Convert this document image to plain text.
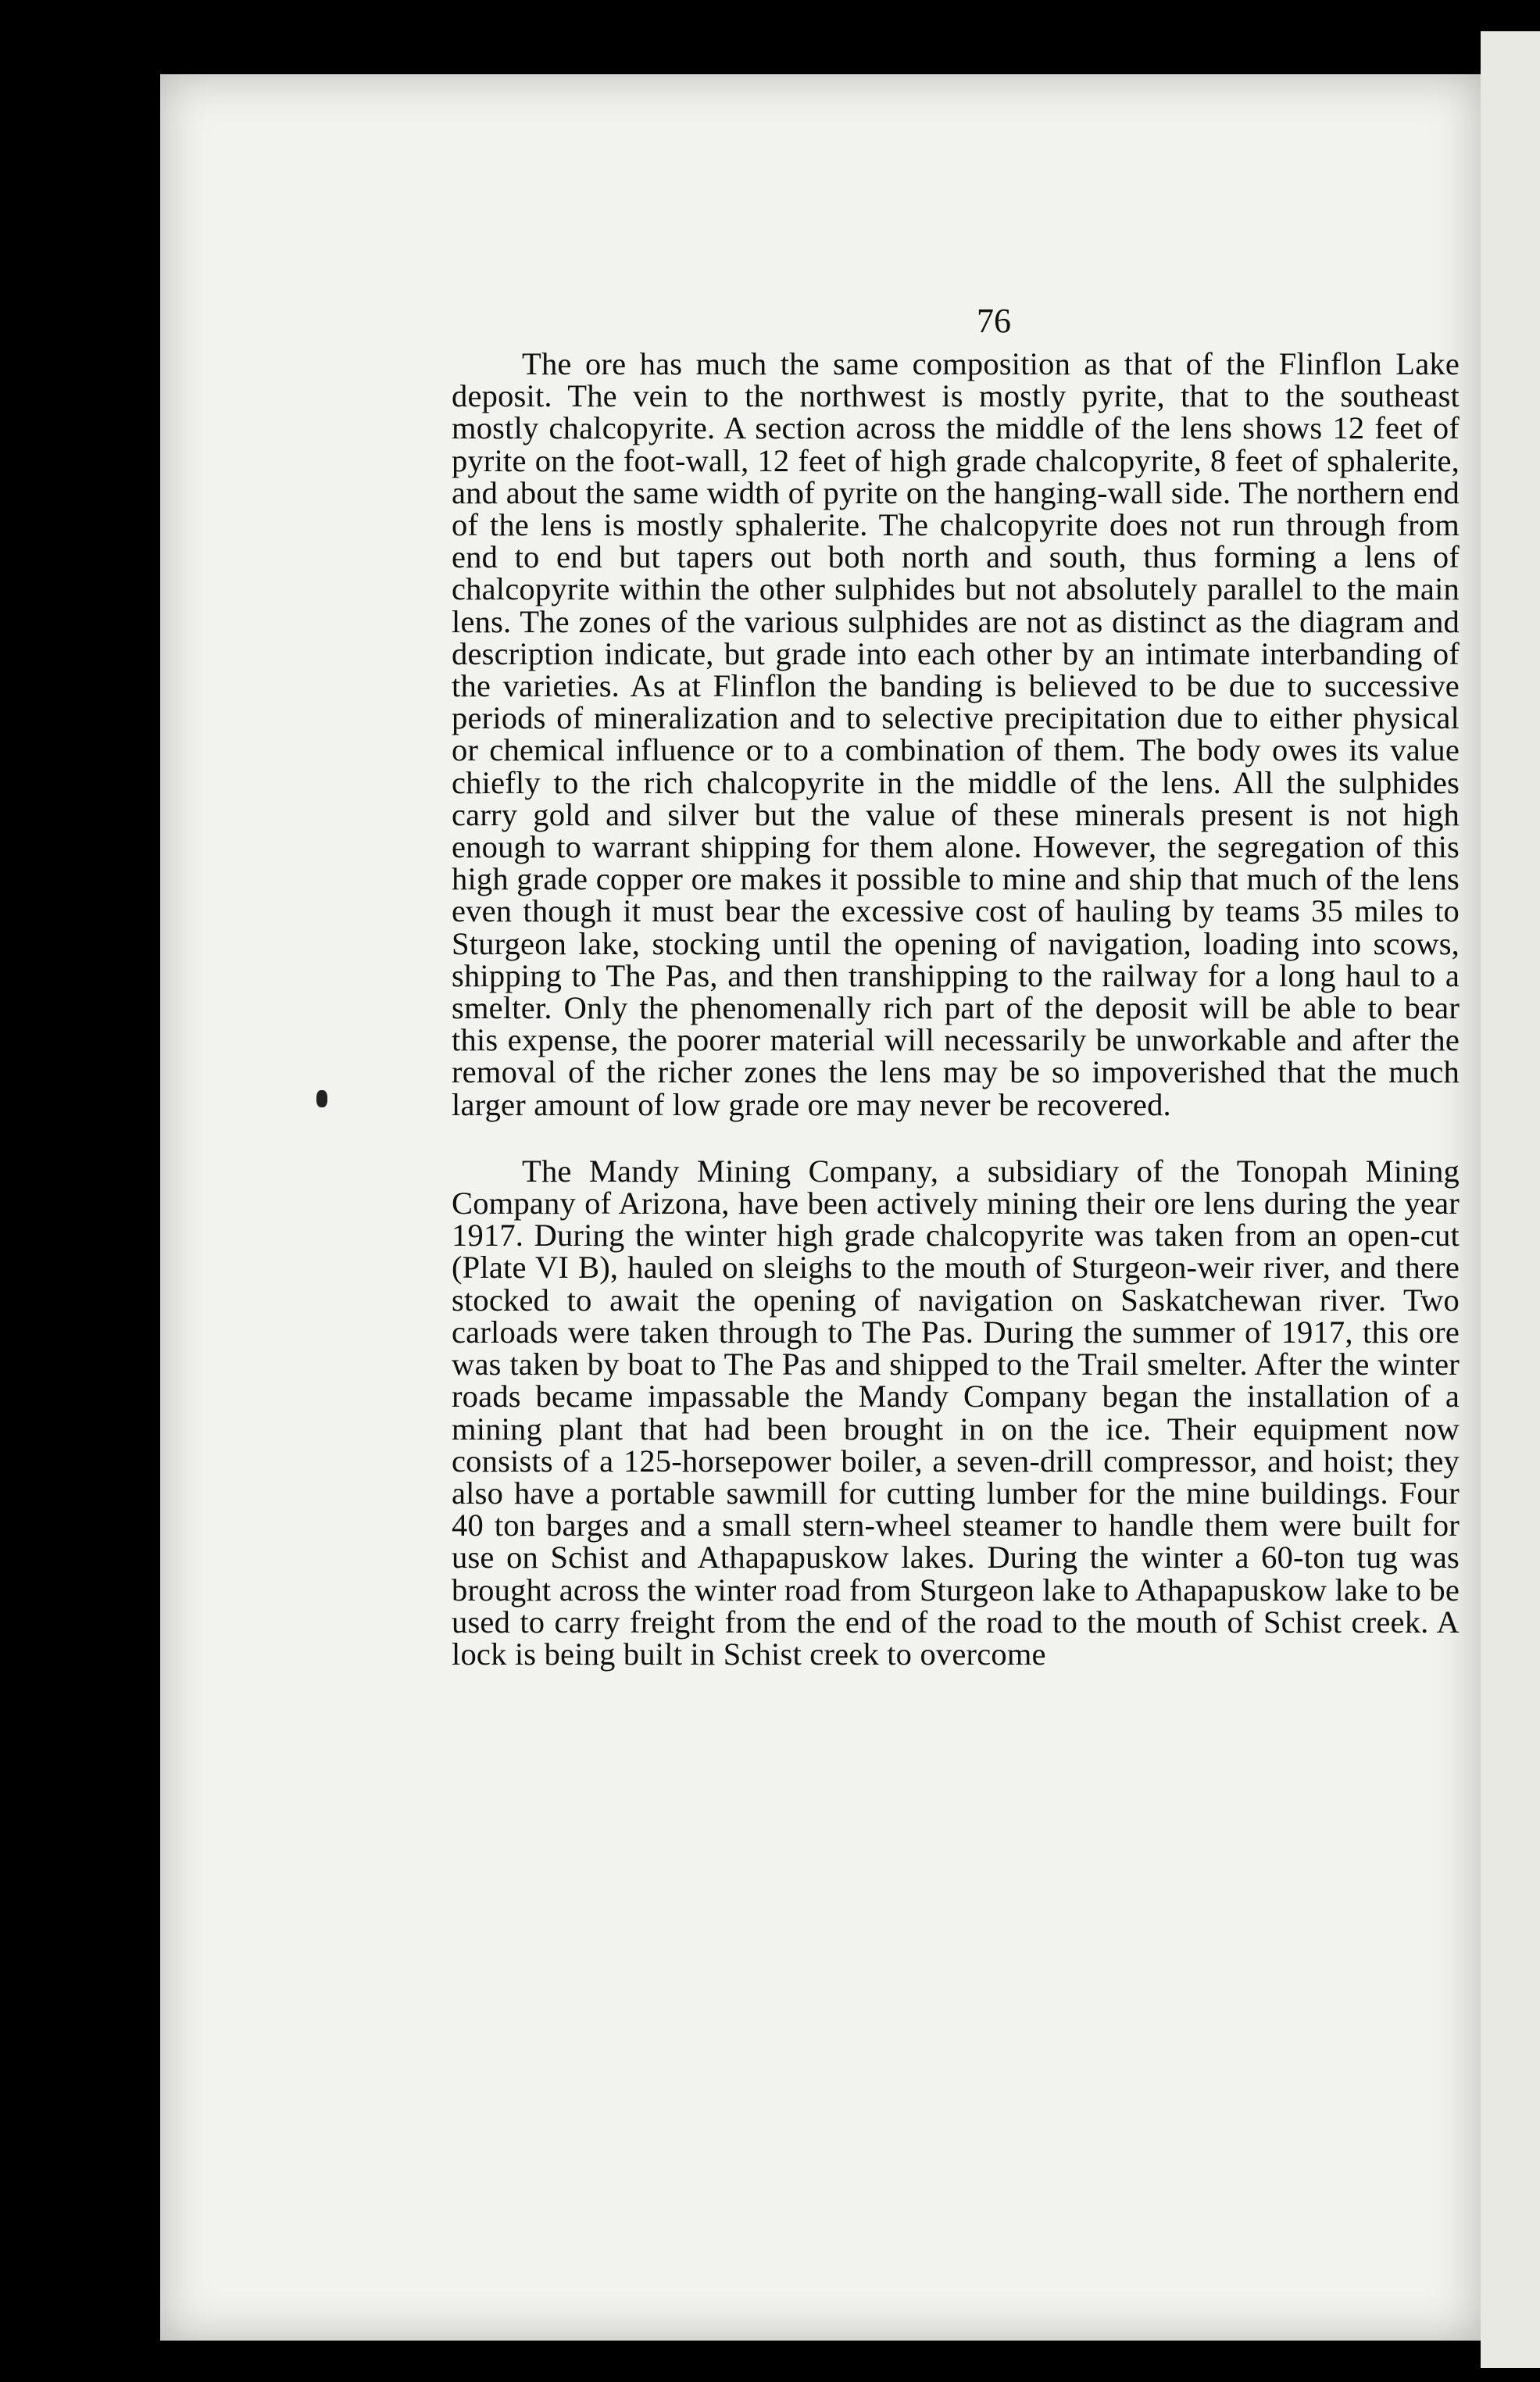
76

The ore has much the same composition as that of the Flinflon Lake deposit. The vein to the northwest is mostly pyrite, that to the southeast mostly chalcopyrite. A section across the middle of the lens shows 12 feet of pyrite on the foot-wall, 12 feet of high grade chalcopyrite, 8 feet of sphalerite, and about the same width of pyrite on the hanging-wall side. The northern end of the lens is mostly sphalerite. The chalcopyrite does not run through from end to end but tapers out both north and south, thus forming a lens of chalcopyrite within the other sulphides but not absolutely parallel to the main lens. The zones of the various sulphides are not as distinct as the diagram and description indicate, but grade into each other by an intimate interbanding of the varieties. As at Flinflon the banding is believed to be due to successive periods of mineralization and to selective precipitation due to either physical or chemical influence or to a combination of them. The body owes its value chiefly to the rich chalcopyrite in the middle of the lens. All the sulphides carry gold and silver but the value of these minerals present is not high enough to warrant shipping for them alone. However, the segregation of this high grade copper ore makes it possible to mine and ship that much of the lens even though it must bear the excessive cost of hauling by teams 35 miles to Sturgeon lake, stocking until the opening of navigation, loading into scows, shipping to The Pas, and then transhipping to the railway for a long haul to a smelter. Only the phenomenally rich part of the deposit will be able to bear this expense, the poorer material will necessarily be unworkable and after the removal of the richer zones the lens may be so impoverished that the much larger amount of low grade ore may never be recovered.

The Mandy Mining Company, a subsidiary of the Tonopah Mining Company of Arizona, have been actively mining their ore lens during the year 1917. During the winter high grade chalcopyrite was taken from an open-cut (Plate VI B), hauled on sleighs to the mouth of Sturgeon-weir river, and there stocked to await the opening of navigation on Saskatchewan river. Two carloads were taken through to The Pas. During the summer of 1917, this ore was taken by boat to The Pas and shipped to the Trail smelter. After the winter roads became impassable the Mandy Company began the installation of a mining plant that had been brought in on the ice. Their equipment now consists of a 125-horsepower boiler, a seven-drill compressor, and hoist; they also have a portable sawmill for cutting lumber for the mine buildings. Four 40 ton barges and a small stern-wheel steamer to handle them were built for use on Schist and Athapapuskow lakes. During the winter a 60-ton tug was brought across the winter road from Sturgeon lake to Athapapuskow lake to be used to carry freight from the end of the road to the mouth of Schist creek. A lock is being built in Schist creek to overcome
